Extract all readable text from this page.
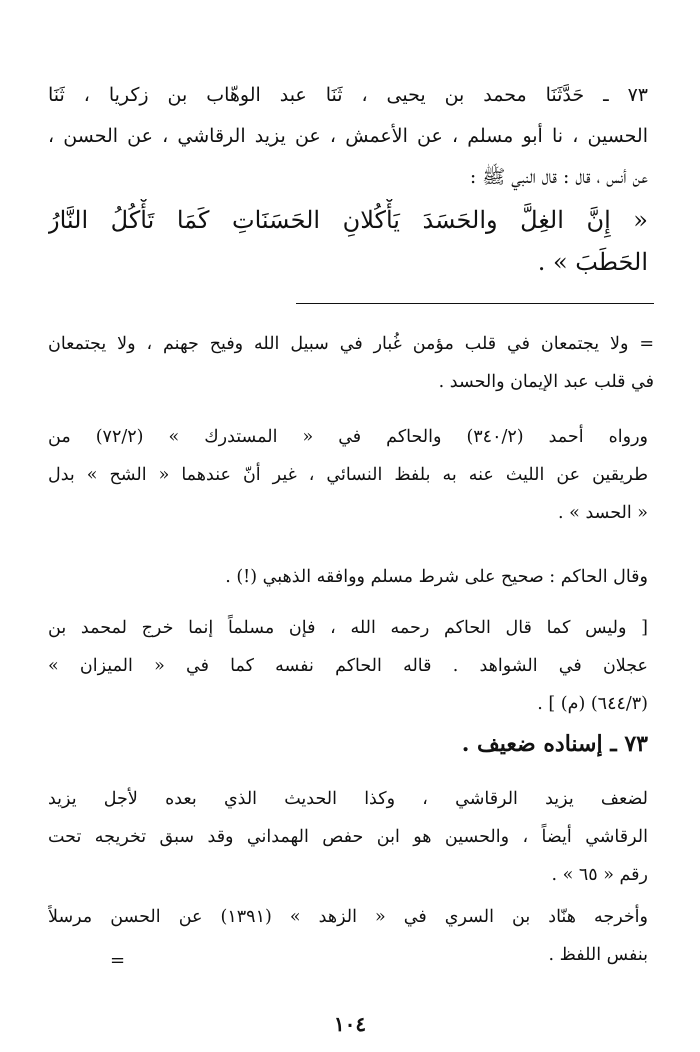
٧٣ ـ حَدَّثَنَا محمد بن يحيى ، ثَنَا عبد الوهّاب بن زكريا ، ثَنَا
الحسين ، نا أبو مسلم ، عن الأعمش ، عن يزيد الرقاشي ، عن الحسن ،
عن أنس ، قال : قال النبي ﷺ :
« إِنَّ الغِلَّ والحَسَدَ يَأْكُلانِ الحَسَنَاتِ كَمَا تَأْكُلُ النَّارُ
الحَطَبَ » .
= ولا يجتمعان في قلب مؤمن غُبار في سبيل الله وفيح جهنم ، ولا يجتمعان
في قلب عبد الإيمان والحسد .
ورواه أحمد (٣٤٠/٢) والحاكم في « المستدرك » (٧٢/٢) من
طريقين عن الليث عنه به بلفظ النسائي ، غير أنّ عندهما « الشح » بدل
« الحسد » .
وقال الحاكم : صحيح على شرط مسلم ووافقه الذهبي (!) .
[ وليس كما قال الحاكم رحمه الله ، فإن مسلماً إنما خرج لمحمد بن
عجلان في الشواهد . قاله الحاكم نفسه كما في « الميزان »
(٦٤٤/٣) (م) ] .
٧٣ ـ إسناده ضعيف .
لضعف يزيد الرقاشي ، وكذا الحديث الذي بعده لأجل يزيد
الرقاشي أيضاً ، والحسين هو ابن حفص الهمداني وقد سبق تخريجه تحت
رقم « ٦٥ » .
وأخرجه هنّاد بن السري في « الزهد » (١٣٩١) عن الحسن مرسلاً
بنفس اللفظ .
=
١٠٤
